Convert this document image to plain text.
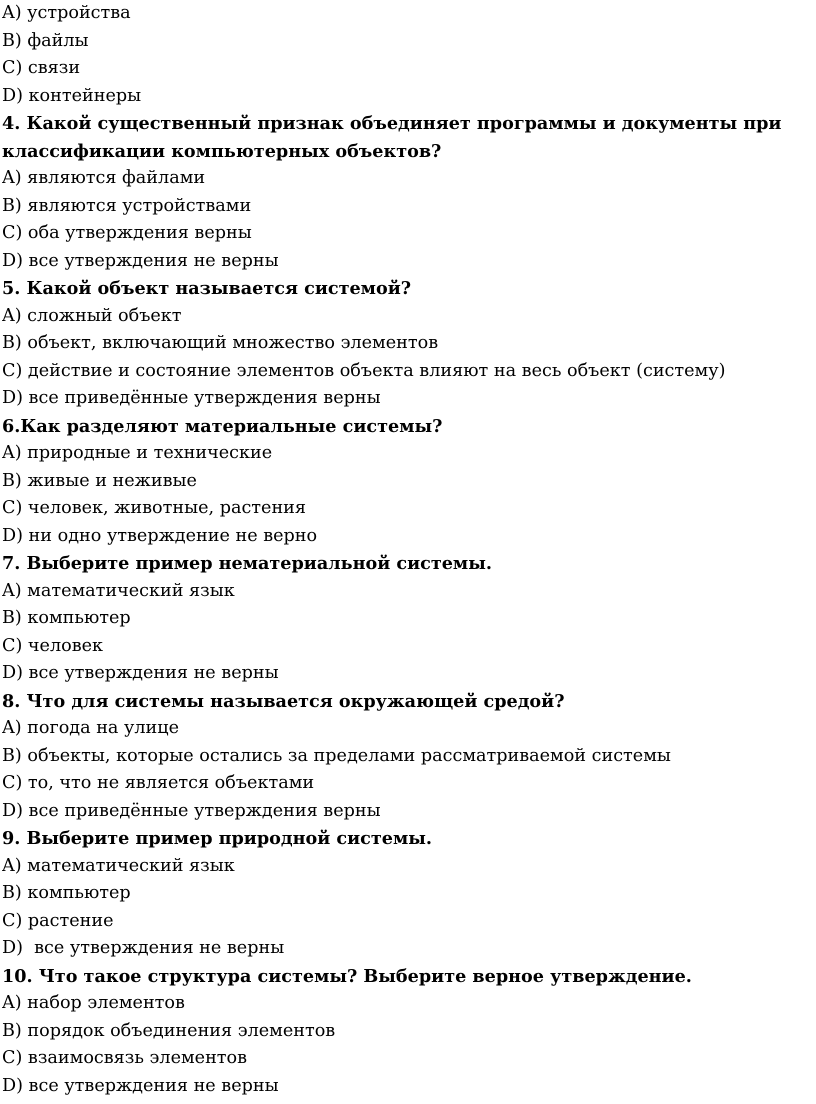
A) устройства
B) файлы
C) связи
D) контейнеры
4. Какой существенный признак объединяет программы и документы при
классификации компьютерных объектов?
A) являются файлами
B) являются устройствами
C) оба утверждения верны
D) все утверждения не верны
5. Какой объект называется системой?
A) сложный объект
B) объект, включающий множество элементов
C) действие и состояние элементов объекта влияют на весь объект (систему)
D) все приведённые утверждения верны
6.Как разделяют материальные системы?
A) природные и технические
B) живые и неживые
C) человек, животные, растения
D) ни одно утверждение не верно
7. Выберите пример нематериальной системы.
A) математический язык
B) компьютер
C) человек
D) все утверждения не верны
8. Что для системы называется окружающей средой?
A) погода на улице
B) объекты, которые остались за пределами рассматриваемой системы
C) то, что не является объектами
D) все приведённые утверждения верны
9. Выберите пример природной системы.
A) математический язык
B) компьютер
C) растение
D)  все утверждения не верны
10. Что такое структура системы? Выберите верное утверждение.
A) набор элементов
B) порядок объединения элементов
C) взаимосвязь элементов
D) все утверждения не верны
